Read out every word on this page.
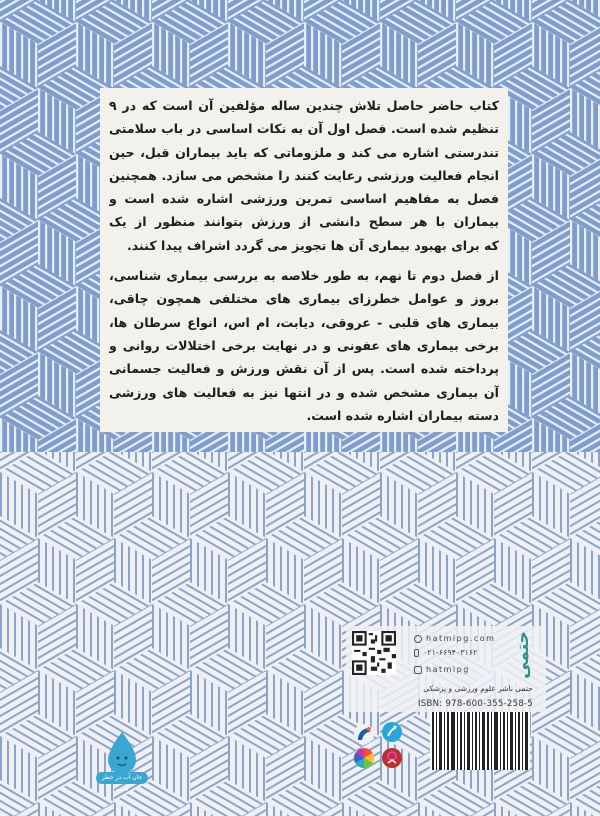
کتاب حاضر حاصل تلاش چندین ساله مؤلفین آن است که در ۹
تنظیم شده است. فصل اول آن به نکات اساسی در باب سلامتی
تندرستی اشاره می کند و ملزوماتی که باید بیماران قبل، حین
انجام فعالیت ورزشی رعایت کنند را مشخص می سازد. همچنین
فصل به مفاهیم اساسی تمرین ورزشی اشاره شده است و
بیماران با هر سطح دانشی از ورزش بتوانند منظور از یک
که برای بهبود بیماری آن ها تجویز می گردد اشراف پیدا کنند.
از فصل دوم تا نهم، به طور خلاصه به بررسی بیماری شناسی،
بروز و عوامل خطرزای بیماری های مختلفی همچون چاقی،
بیماری های قلبی - عروقی، دیابت، ام اس، انواع سرطان ها،
برخی بیماری های عفونی و در نهایت برخی اختلالات روانی و
پرداخته شده است. پس از آن نقش ورزش و فعالیت جسمانی
آن بیماری مشخص شده و در انتها نیز به فعالیت های ورزشی
دسته بیماران اشاره شده است.
hatmipg.com
۰۲۱-۶۶۹۴۰۳۱۶۲
hatmipg	حتمی
حتمی ناشر علوم ورزشی و پزشکی
ISBN: 978-600-355-258-5
جان آب در خطر است
